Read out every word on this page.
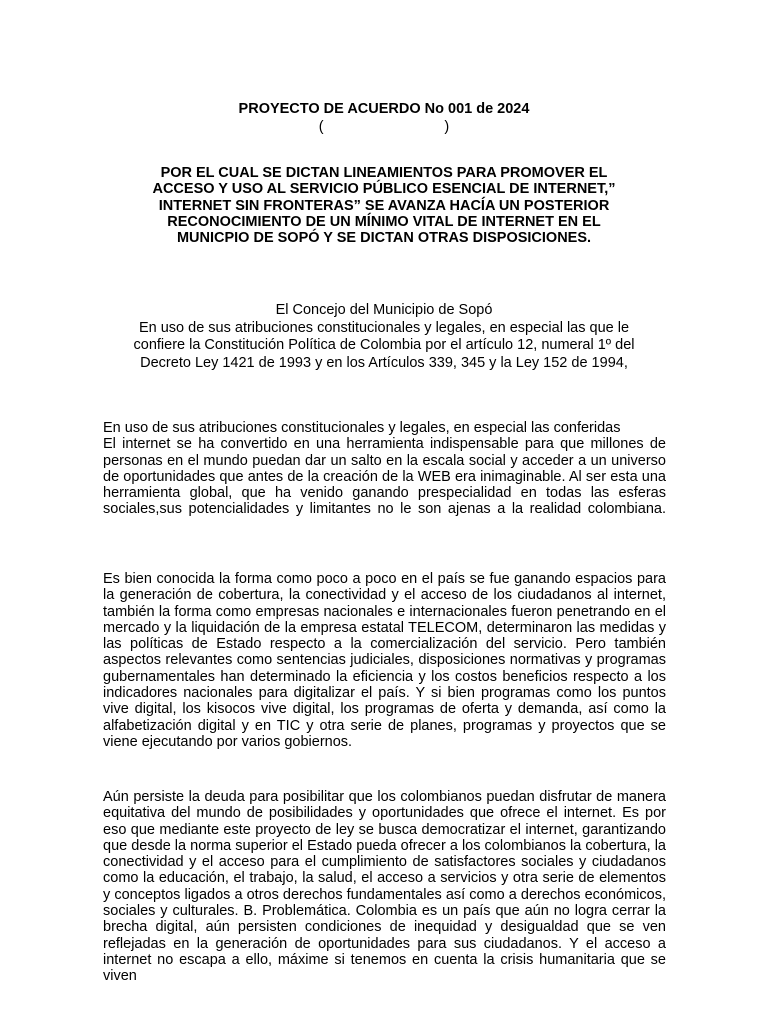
PROYECTO DE ACUERDO No 001 de 2024
(                              )
POR EL CUAL SE DICTAN LINEAMIENTOS PARA PROMOVER EL
ACCESO Y USO AL SERVICIO PÚBLICO ESENCIAL DE INTERNET,”
INTERNET SIN FRONTERAS” SE AVANZA HACÍA UN POSTERIOR
RECONOCIMIENTO DE UN MÍNIMO VITAL DE INTERNET EN EL
MUNICPIO DE SOPÓ Y SE DICTAN OTRAS DISPOSICIONES.
El Concejo del Municipio de Sopó
En uso de sus atribuciones constitucionales y legales, en especial las que le
confiere la Constitución Política de Colombia por el artículo 12, numeral 1º del
Decreto Ley 1421 de 1993 y en los Artículos 339, 345 y la Ley 152 de 1994,
En uso de sus atribuciones constitucionales y legales, en especial las conferidas
El internet se ha convertido en una herramienta indispensable para que millones de personas en el mundo puedan dar un salto en la escala social y acceder a un universo de oportunidades que antes de la creación de la WEB era inimaginable. Al ser esta una herramienta global, que ha venido ganando prespecialidad en todas las esferas sociales,sus potencialidades y limitantes no le son ajenas a la realidad colombiana.
Es bien conocida la forma como poco a poco en el país se fue ganando espacios para la generación de cobertura, la conectividad y el acceso de los ciudadanos al internet, también la forma como empresas nacionales e internacionales fueron penetrando en el mercado y la liquidación de la empresa estatal TELECOM, determinaron las medidas y las políticas de Estado respecto a la comercialización del servicio. Pero también aspectos relevantes como sentencias judiciales, disposiciones normativas y programas gubernamentales han determinado la eficiencia y los costos beneficios respecto a los indicadores nacionales para digitalizar el país. Y si bien programas como los puntos vive digital, los kisocos vive digital, los programas de oferta y demanda, así como la alfabetización digital y en TIC y otra serie de planes, programas y proyectos que se viene ejecutando por varios gobiernos.
Aún persiste la deuda para posibilitar que los colombianos puedan disfrutar de manera equitativa del mundo de posibilidades y oportunidades que ofrece el internet. Es por eso que mediante este proyecto de ley se busca democratizar el internet, garantizando que desde la norma superior el Estado pueda ofrecer a los colombianos la cobertura, la conectividad y el acceso para el cumplimiento de satisfactores sociales y ciudadanos como la educación, el trabajo, la salud, el acceso a servicios y otra serie de elementos y conceptos ligados a otros derechos fundamentales así como a derechos económicos, sociales y culturales. B. Problemática. Colombia es un país que aún no logra cerrar la brecha digital, aún persisten condiciones de inequidad y desigualdad que se ven reflejadas en la generación de oportunidades para sus ciudadanos. Y el acceso a internet no escapa a ello, máxime si tenemos en cuenta la crisis humanitaria que se viven
